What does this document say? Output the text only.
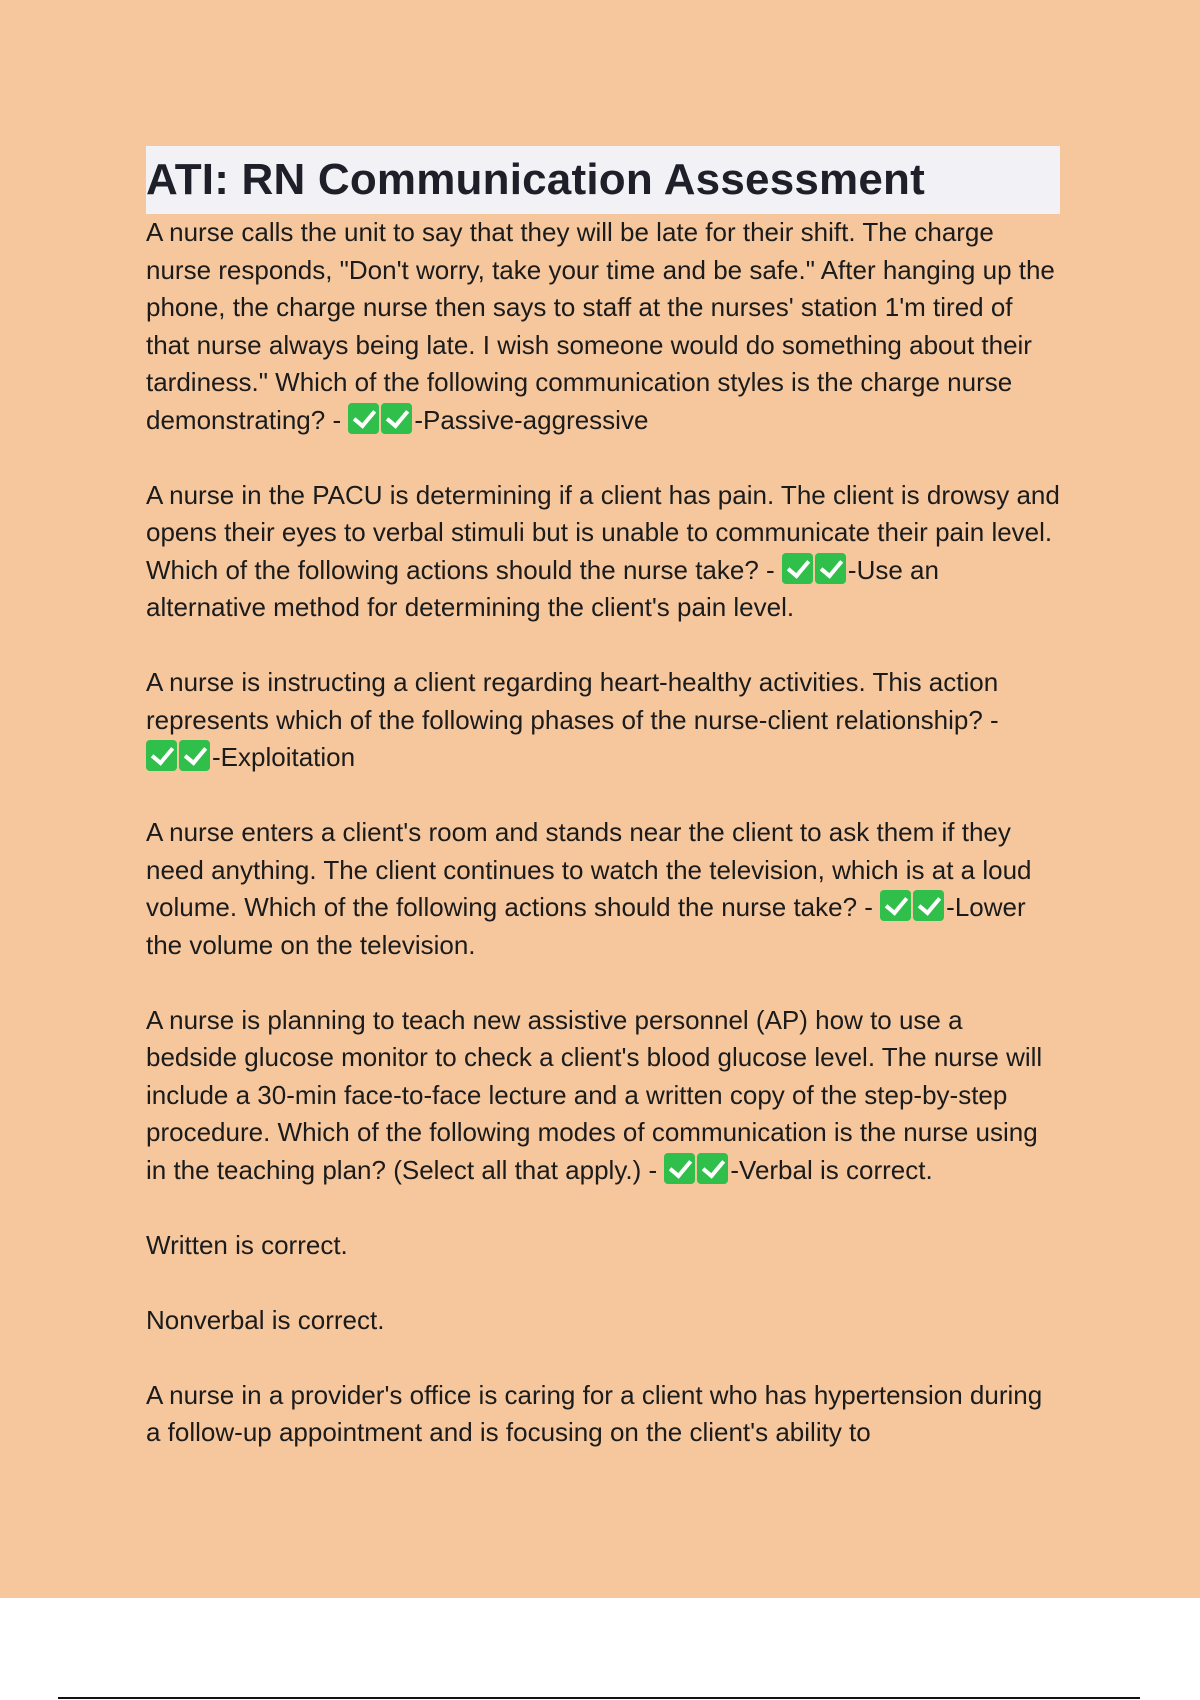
ATI: RN Communication Assessment

A nurse calls the unit to say that they will be late for their shift. The charge nurse responds, "Don't worry, take your time and be safe." After hanging up the phone, the charge nurse then says to staff at the nurses' station 1'm tired of that nurse always being late. I wish someone would do something about their tardiness." Which of the following communication styles is the charge nurse demonstrating? -	-Passive-aggressive

A nurse in the PACU is determining if a client has pain. The client is drowsy and opens their eyes to verbal stimuli but is unable to communicate their pain level. Which of the following actions should the nurse take? -	-Use an alternative method for determining the client's pain level.

A nurse is instructing a client regarding heart-healthy activities. This action represents which of the following phases of the nurse-client relationship? - -Exploitation

A nurse enters a client's room and stands near the client to ask them if they need anything. The client continues to watch the television, which is at a loud volume. Which of the following actions should the nurse take? -	-Lower the volume on the television.

A nurse is planning to teach new assistive personnel (AP) how to use a bedside glucose monitor to check a client's blood glucose level. The nurse will include a 30-min face-to-face lecture and a written copy of the step-by-step procedure. Which of the following modes of communication is the nurse using in the teaching plan? (Select all that apply.) -	-Verbal is correct.

Written is correct.

Nonverbal is correct.

A nurse in a provider's office is caring for a client who has hypertension during a follow-up appointment and is focusing on the client's ability to
